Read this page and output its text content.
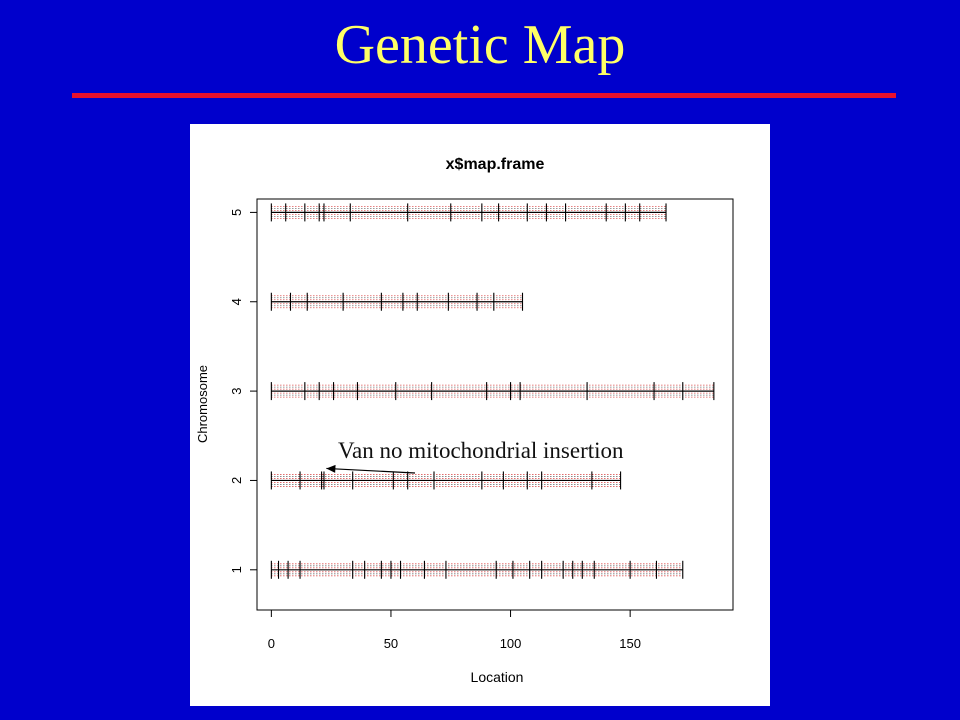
Genetic Map
x$map.frame
Location
Chromosome
0	50	100	150
1
2
3
4
5
Van no mitochondrial insertion
